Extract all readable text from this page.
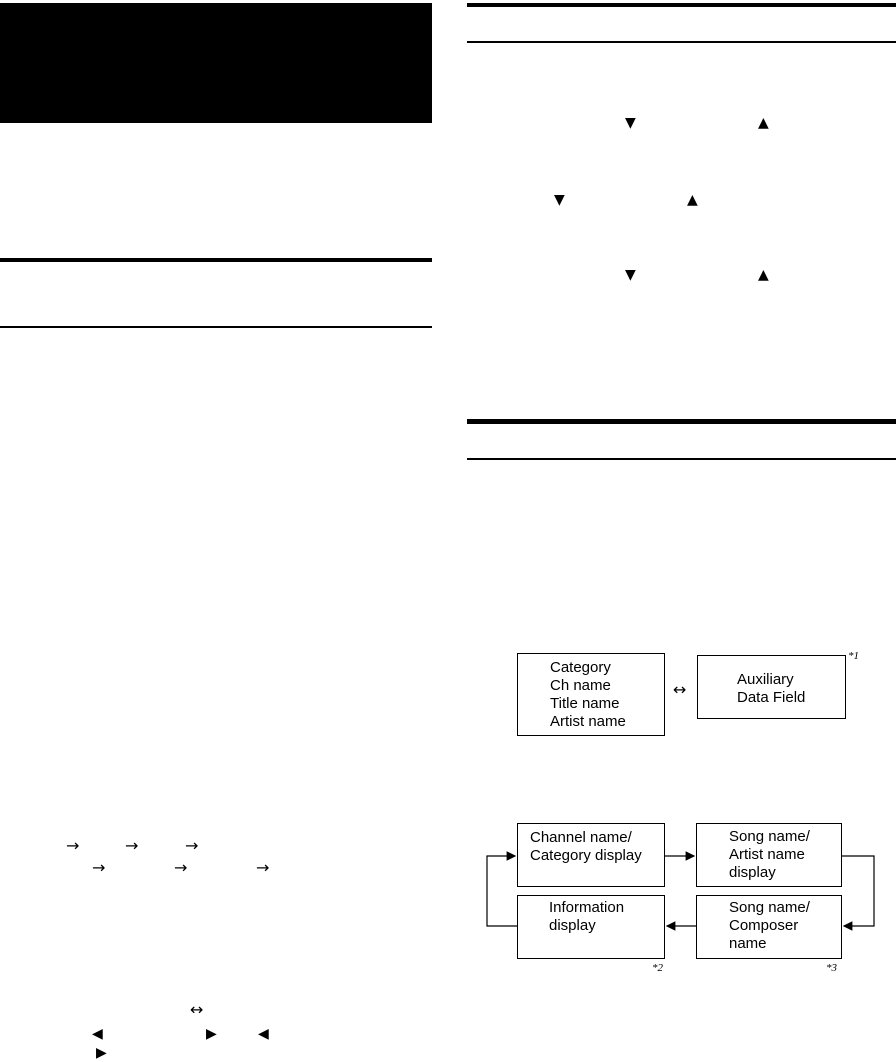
→	→	→
→	→	→
↔
◀	▶	◀
▶
▼	▲
▼	▲
▼	▲
Category
Ch name
Title name
Artist name
↔
Auxiliary
Data Field
*1
Channel name/
Category display
Song name/
Artist name
display
Information
display
Song name/
Composer
name
*2	*3
